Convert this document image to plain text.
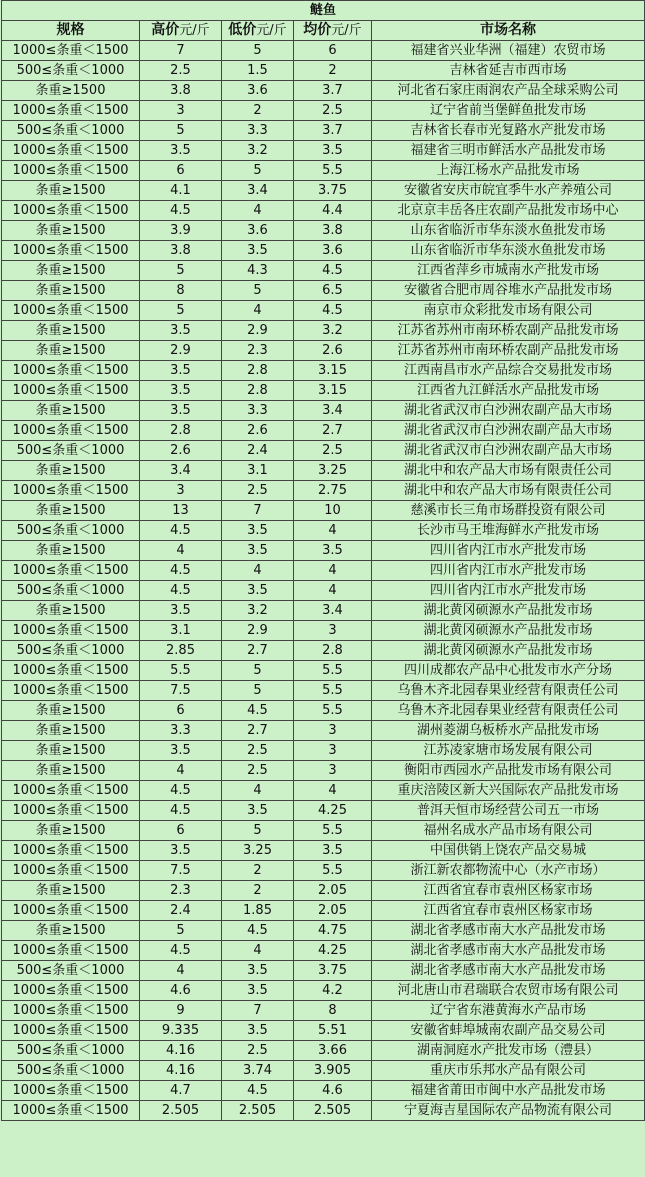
鲢鱼				
规格	高价元/斤	低价元/斤	均价元/斤	市场名称
1000≤条重＜1500	7	5	6	福建省兴业华洲（福建）农贸市场
500≤条重＜1000	2.5	1.5	2	吉林省延吉市西市场
条重≥1500	3.8	3.6	3.7	河北省石家庄雨润农产品全球采购公司
1000≤条重＜1500	3	2	2.5	辽宁省前当堡鲜鱼批发市场
500≤条重＜1000	5	3.3	3.7	吉林省长春市光复路水产批发市场
1000≤条重＜1500	3.5	3.2	3.5	福建省三明市鲜活水产品批发市场
1000≤条重＜1500	6	5	5.5	上海江杨水产品批发市场
条重≥1500	4.1	3.4	3.75	安徽省安庆市皖宜季牛水产养殖公司
1000≤条重＜1500	4.5	4	4.4	北京京丰岳各庄农副产品批发市场中心
条重≥1500	3.9	3.6	3.8	山东省临沂市华东淡水鱼批发市场
1000≤条重＜1500	3.8	3.5	3.6	山东省临沂市华东淡水鱼批发市场
条重≥1500	5	4.3	4.5	江西省萍乡市城南水产批发市场
条重≥1500	8	5	6.5	安徽省合肥市周谷堆水产品批发市场
1000≤条重＜1500	5	4	4.5	南京市众彩批发市场有限公司
条重≥1500	3.5	2.9	3.2	江苏省苏州市南环桥农副产品批发市场
条重≥1500	2.9	2.3	2.6	江苏省苏州市南环桥农副产品批发市场
1000≤条重＜1500	3.5	2.8	3.15	江西南昌市水产品综合交易批发市场
1000≤条重＜1500	3.5	2.8	3.15	江西省九江鲜活水产品批发市场
条重≥1500	3.5	3.3	3.4	湖北省武汉市白沙洲农副产品大市场
1000≤条重＜1500	2.8	2.6	2.7	湖北省武汉市白沙洲农副产品大市场
500≤条重＜1000	2.6	2.4	2.5	湖北省武汉市白沙洲农副产品大市场
条重≥1500	3.4	3.1	3.25	湖北中和农产品大市场有限责任公司
1000≤条重＜1500	3	2.5	2.75	湖北中和农产品大市场有限责任公司
条重≥1500	13	7	10	慈溪市长三角市场群投资有限公司
500≤条重＜1000	4.5	3.5	4	长沙市马王堆海鲜水产批发市场
条重≥1500	4	3.5	3.5	四川省内江市水产批发市场
1000≤条重＜1500	4.5	4	4	四川省内江市水产批发市场
500≤条重＜1000	4.5	3.5	4	四川省内江市水产批发市场
条重≥1500	3.5	3.2	3.4	湖北黄冈硕源水产品批发市场
1000≤条重＜1500	3.1	2.9	3	湖北黄冈硕源水产品批发市场
500≤条重＜1000	2.85	2.7	2.8	湖北黄冈硕源水产品批发市场
1000≤条重＜1500	5.5	5	5.5	四川成都农产品中心批发市水产分场
1000≤条重＜1500	7.5	5	5.5	乌鲁木齐北园春果业经营有限责任公司
条重≥1500	6	4.5	5.5	乌鲁木齐北园春果业经营有限责任公司
条重≥1500	3.3	2.7	3	湖州菱湖乌板桥水产品批发市场
条重≥1500	3.5	2.5	3	江苏凌家塘市场发展有限公司
条重≥1500	4	2.5	3	衡阳市西园水产品批发市场有限公司
1000≤条重＜1500	4.5	4	4	重庆涪陵区新大兴国际农产品批发市场
1000≤条重＜1500	4.5	3.5	4.25	普洱天恒市场经营公司五一市场
条重≥1500	6	5	5.5	福州名成水产品市场有限公司
1000≤条重＜1500	3.5	3.25	3.5	中国供销上饶农产品交易城
1000≤条重＜1500	7.5	2	5.5	浙江新农都物流中心（水产市场）
条重≥1500	2.3	2	2.05	江西省宜春市袁州区杨家市场
1000≤条重＜1500	2.4	1.85	2.05	江西省宜春市袁州区杨家市场
条重≥1500	5	4.5	4.75	湖北省孝感市南大水产品批发市场
1000≤条重＜1500	4.5	4	4.25	湖北省孝感市南大水产品批发市场
500≤条重＜1000	4	3.5	3.75	湖北省孝感市南大水产品批发市场
1000≤条重＜1500	4.6	3.5	4.2	河北唐山市君瑞联合农贸市场有限公司
1000≤条重＜1500	9	7	8	辽宁省东港黄海水产品市场
1000≤条重＜1500	9.335	3.5	5.51	安徽省蚌埠城南农副产品交易公司
500≤条重＜1000	4.16	2.5	3.66	湖南洞庭水产批发市场（澧县）
500≤条重＜1000	4.16	3.74	3.905	重庆市乐邦水产品有限公司
1000≤条重＜1500	4.7	4.5	4.6	福建省莆田市闽中水产品批发市场
1000≤条重＜1500	2.505	2.505	2.505	宁夏海吉星国际农产品物流有限公司
